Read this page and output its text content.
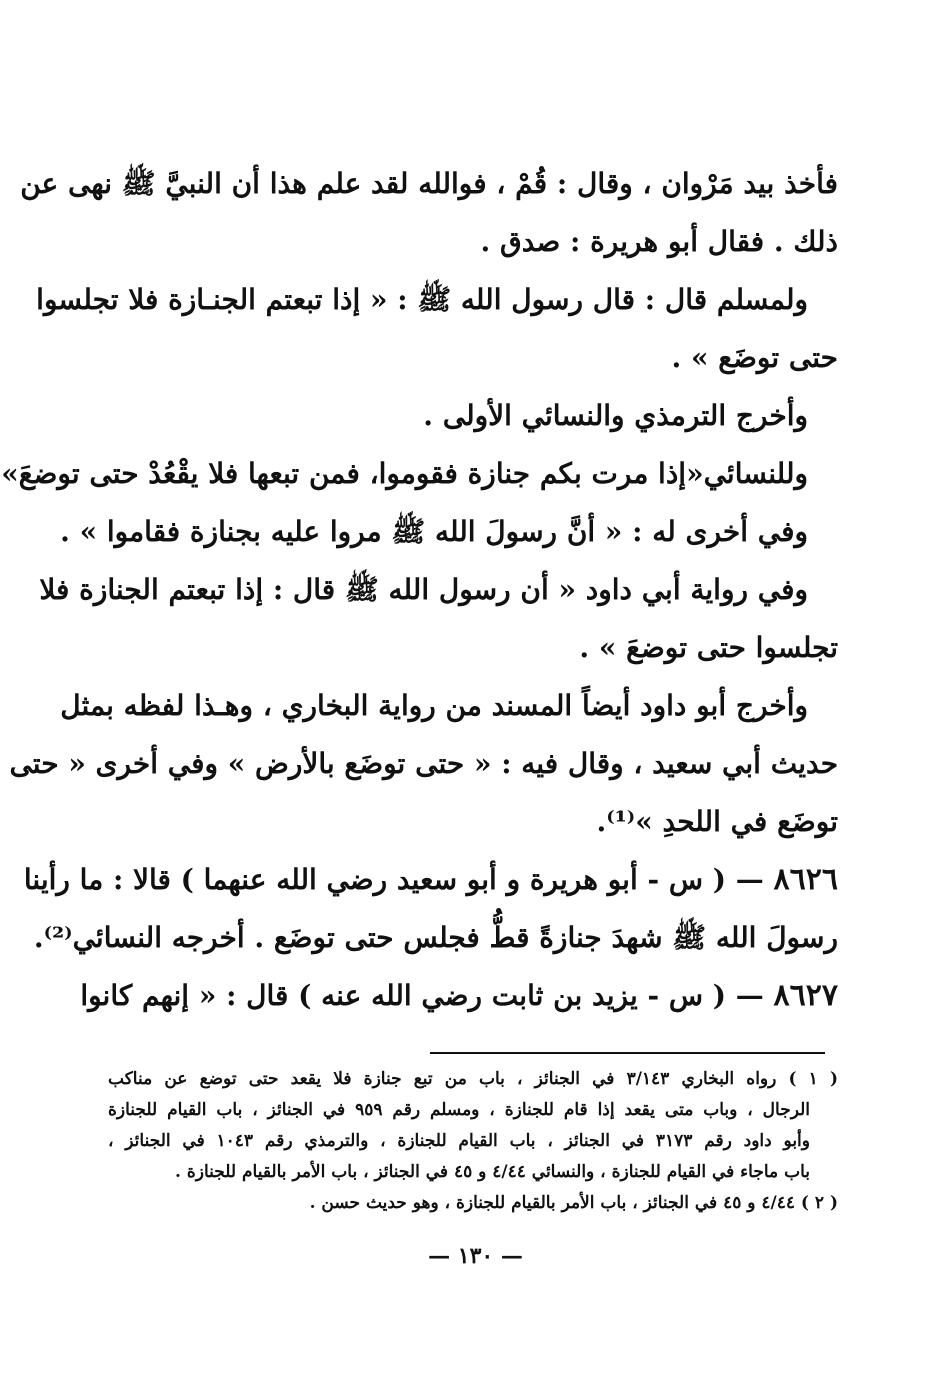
فأخذ بيد مَرْوان ، وقال : قُمْ ، فوالله لقد علم هذا أن النبيَّ ﷺ نهى عن
ذلك . فقال أبو هريرة : صدق .
ولمسلم قال : قال رسول الله ﷺ : « إذا تبعتم الجنـازة فلا تجلسوا
حتى توضَع » .
وأخرج الترمذي والنسائي الأولى .
وللنسائي«إذا مرت بكم جنازة فقوموا، فمن تبعها فلا يقْعُدْ حتى توضعَ»
وفي أخرى له : « أنَّ رسولَ الله ﷺ مروا عليه بجنازة فقاموا » .
وفي رواية أبي داود « أن رسول الله ﷺ قال : إذا تبعتم الجنازة فلا
تجلسوا حتى توضعَ » .
وأخرج أبو داود أيضاً المسند من رواية البخاري ، وهـذا لفظه بمثل
حديث أبي سعيد ، وقال فيه : « حتى توضَع بالأرض » وفي أخرى « حتى
توضَع في اللحدِ »⁽¹⁾.
٨٦٢٦ — ( س - أبو هريرة و أبو سعيد رضي الله عنهما ) قالا : ما رأينا
رسولَ الله ﷺ شهدَ جنازةً قطُّ فجلس حتى توضَع . أخرجه النسائي⁽²⁾.
٨٦٢٧ — ( س - يزيد بن ثابت رضي الله عنه ) قال : « إنهم كانوا
( ١ ) رواه البخاري ٣/١٤٣ في الجنائز ، باب من تبع جنازة فلا يقعد حتى توضع عن مناكب
الرجال ، وباب متى يقعد إذا قام للجنازة ، ومسلم رقم ٩٥٩ في الجنائز ، باب القيام للجنازة
وأبو داود رقم ٣١٧٣ في الجنائز ، باب القيام للجنازة ، والترمذي رقم ١٠٤٣ في الجنائز ،
باب ماجاء في القيام للجنازة ، والنسائي ٤/٤٤ و ٤٥ في الجنائز ، باب الأمر بالقيام للجنازة .
( ٢ ) ٤/٤٤ و ٤٥ في الجنائز ، باب الأمر بالقيام للجنازة ، وهو حديث حسن .
— ١٣٠ —
